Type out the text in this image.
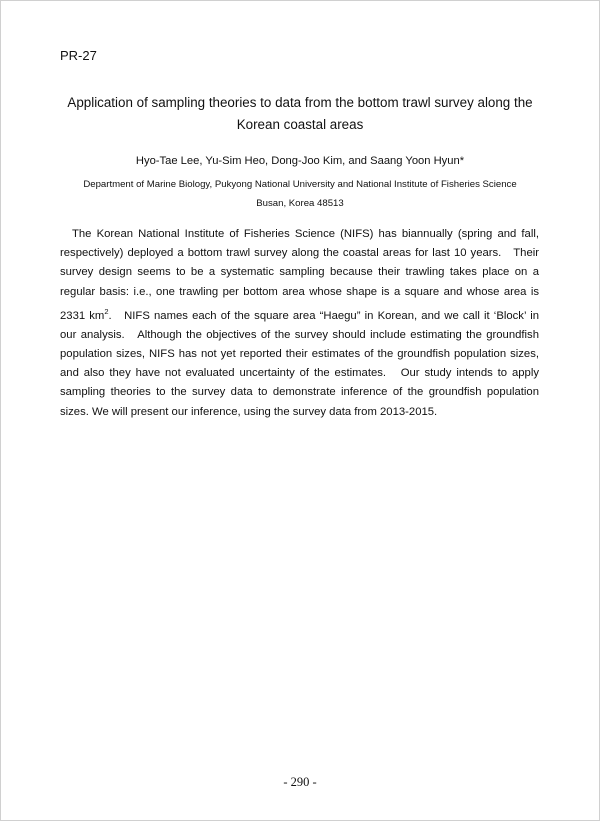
PR-27
Application of sampling theories to data from the bottom trawl survey along the
Korean coastal areas
Hyo-Tae Lee, Yu-Sim Heo, Dong-Joo Kim, and Saang Yoon Hyun*
Department of Marine Biology, Pukyong National University and National Institute of Fisheries Science
Busan, Korea 48513

The Korean National Institute of Fisheries Science (NIFS) has biannually (spring and fall, respectively) deployed a bottom trawl survey along the coastal areas for last 10 years.   Their survey design seems to be a systematic sampling because their trawling takes place on a regular basis: i.e., one trawling per bottom area whose shape is a square and whose area is 2331 $km^2$.   NIFS names each of the square area “Haegu” in Korean, and we call it ‘Block’ in our analysis.   Although the objectives of the survey should include estimating the groundfish population sizes, NIFS has not yet reported their estimates of the groundfish population sizes, and also they have not evaluated uncertainty of the estimates.   Our study intends to apply sampling theories to the survey data to demonstrate inference of the groundfish population sizes. We will present our inference, using the survey data from 2013-2015.

- 290 -
